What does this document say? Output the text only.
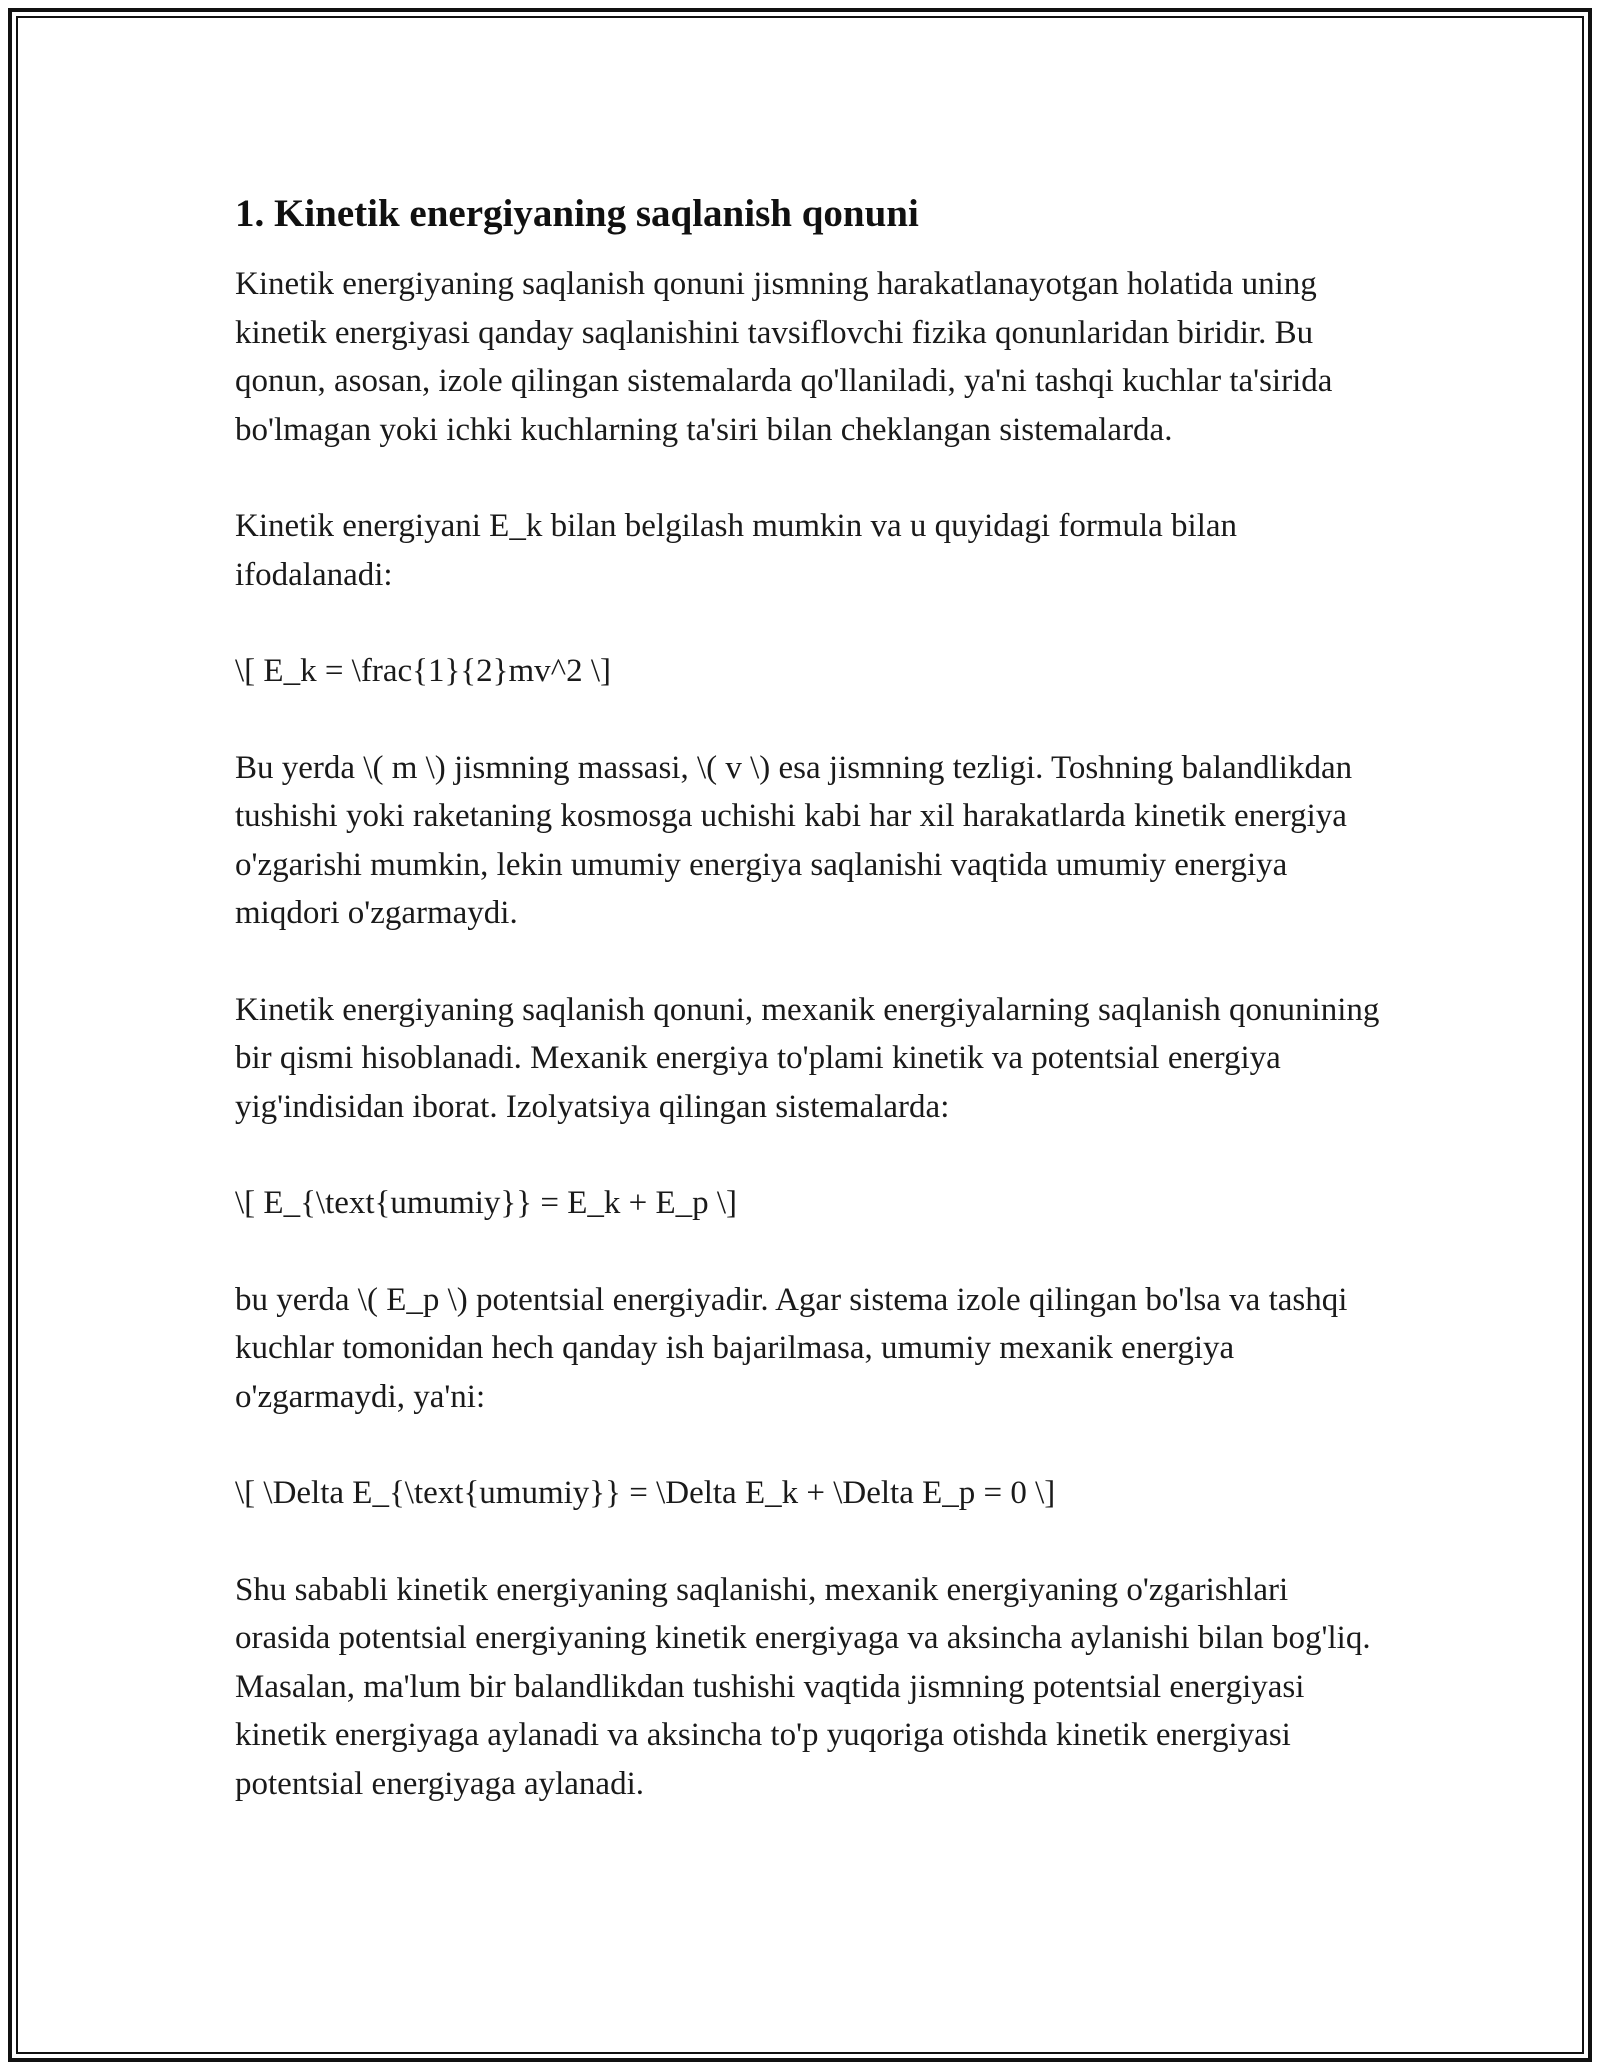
1. Kinetik energiyaning saqlanish qonuni

Kinetik energiyaning saqlanish qonuni jismning harakatlanayotgan holatida uning kinetik energiyasi qanday saqlanishini tavsiflovchi fizika qonunlaridan biridir. Bu qonun, asosan, izole qilingan sistemalarda qo'llaniladi, ya'ni tashqi kuchlar ta'sirida bo'lmagan yoki ichki kuchlarning ta'siri bilan cheklangan sistemalarda.

Kinetik energiyani E_k bilan belgilash mumkin va u quyidagi formula bilan ifodalanadi:

\[ E_k = \frac{1}{2}mv^2 \]

Bu yerda \( m \) jismning massasi, \( v \) esa jismning tezligi. Toshning balandlikdan tushishi yoki raketaning kosmosga uchishi kabi har xil harakatlarda kinetik energiya o'zgarishi mumkin, lekin umumiy energiya saqlanishi vaqtida umumiy energiya miqdori o'zgarmaydi.

Kinetik energiyaning saqlanish qonuni, mexanik energiyalarning saqlanish qonunining bir qismi hisoblanadi. Mexanik energiya to'plami kinetik va potentsial energiya yig'indisidan iborat. Izolyatsiya qilingan sistemalarda:

\[ E_{\text{umumiy}} = E_k + E_p \]

bu yerda \( E_p \) potentsial energiyadir. Agar sistema izole qilingan bo'lsa va tashqi kuchlar tomonidan hech qanday ish bajarilmasa, umumiy mexanik energiya o'zgarmaydi, ya'ni:

\[ \Delta E_{\text{umumiy}} = \Delta E_k + \Delta E_p = 0 \]

Shu sababli kinetik energiyaning saqlanishi, mexanik energiyaning o'zgarishlari orasida potentsial energiyaning kinetik energiyaga va aksincha aylanishi bilan bog'liq. Masalan, ma'lum bir balandlikdan tushishi vaqtida jismning potentsial energiyasi kinetik energiyaga aylanadi va aksincha to'p yuqoriga otishda kinetik energiyasi potentsial energiyaga aylanadi.
